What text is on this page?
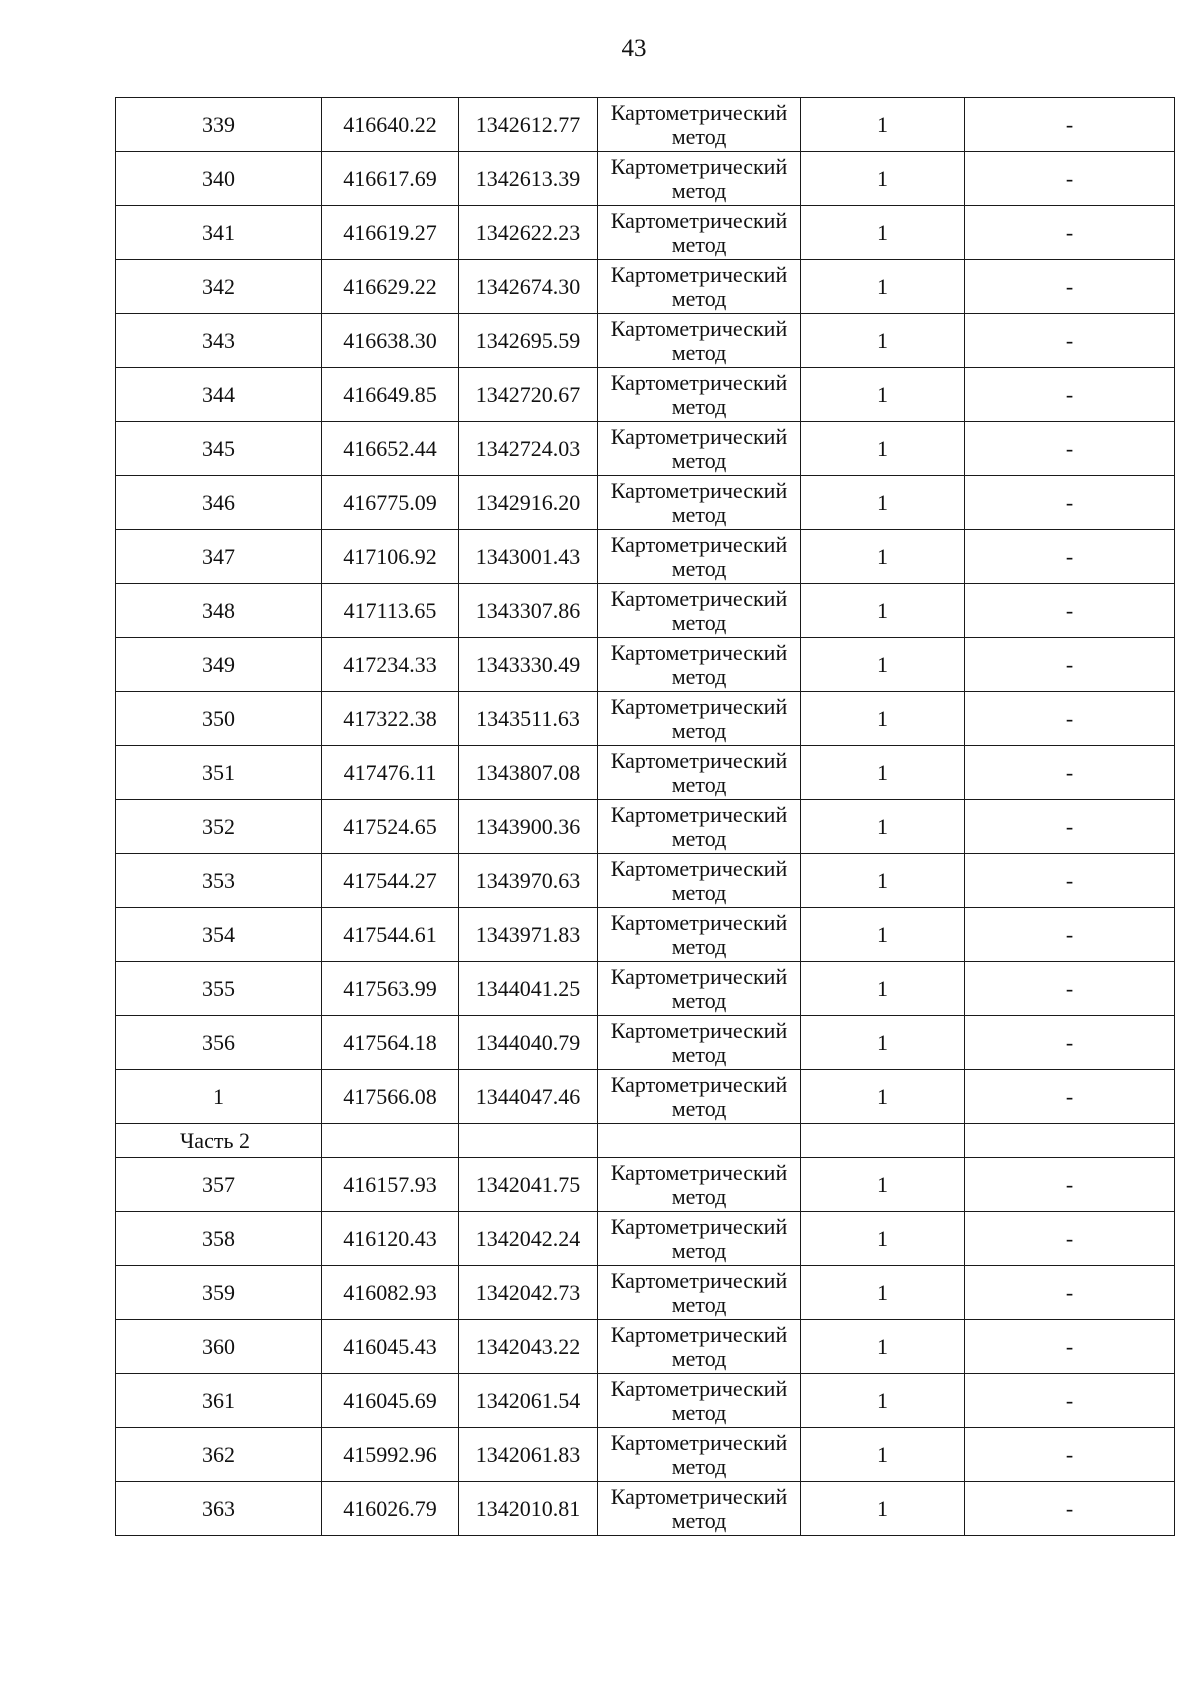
43
339	416640.22	1342612.77	Картометрический
метод	1	-
340	416617.69	1342613.39	Картометрический
метод	1	-
341	416619.27	1342622.23	Картометрический
метод	1	-
342	416629.22	1342674.30	Картометрический
метод	1	-
343	416638.30	1342695.59	Картометрический
метод	1	-
344	416649.85	1342720.67	Картометрический
метод	1	-
345	416652.44	1342724.03	Картометрический
метод	1	-
346	416775.09	1342916.20	Картометрический
метод	1	-
347	417106.92	1343001.43	Картометрический
метод	1	-
348	417113.65	1343307.86	Картометрический
метод	1	-
349	417234.33	1343330.49	Картометрический
метод	1	-
350	417322.38	1343511.63	Картометрический
метод	1	-
351	417476.11	1343807.08	Картометрический
метод	1	-
352	417524.65	1343900.36	Картометрический
метод	1	-
353	417544.27	1343970.63	Картометрический
метод	1	-
354	417544.61	1343971.83	Картометрический
метод	1	-
355	417563.99	1344041.25	Картометрический
метод	1	-
356	417564.18	1344040.79	Картометрический
метод	1	-
1	417566.08	1344047.46	Картометрический
метод	1	-
Часть 2					
357	416157.93	1342041.75	Картометрический
метод	1	-
358	416120.43	1342042.24	Картометрический
метод	1	-
359	416082.93	1342042.73	Картометрический
метод	1	-
360	416045.43	1342043.22	Картометрический
метод	1	-
361	416045.69	1342061.54	Картометрический
метод	1	-
362	415992.96	1342061.83	Картометрический
метод	1	-
363	416026.79	1342010.81	Картометрический
метод	1	-
